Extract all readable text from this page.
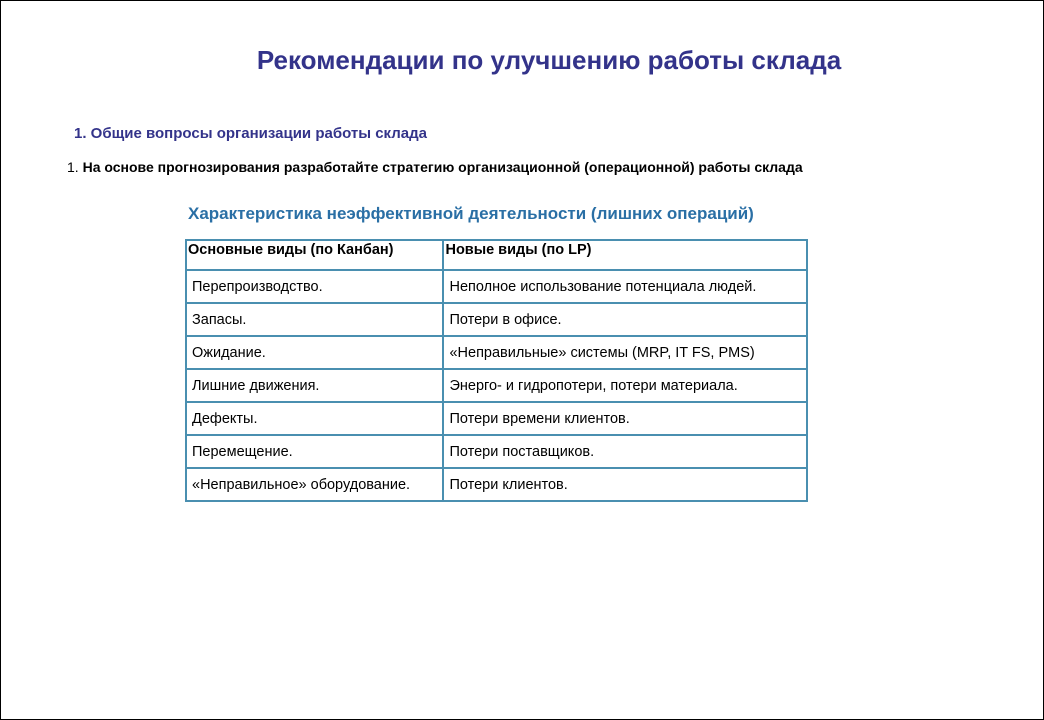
Рекомендации по улучшению работы склада
1. Общие вопросы организации работы склада
1. На основе прогнозирования разработайте стратегию организационной (операционной) работы склада
Характеристика неэффективной деятельности (лишних операций)
Основные виды (по Канбан)	Новые виды (по LP)
Перепроизводство.	Неполное использование потенциала людей.
Запасы.	Потери в офисе.
Ожидание.	«Неправильные» системы (MRP, IT FS, PMS)
Лишние движения.	Энерго- и гидропотери, потери материала.
Дефекты.	Потери времени клиентов.
Перемещение.	Потери поставщиков.
«Неправильное» оборудование.	Потери клиентов.
